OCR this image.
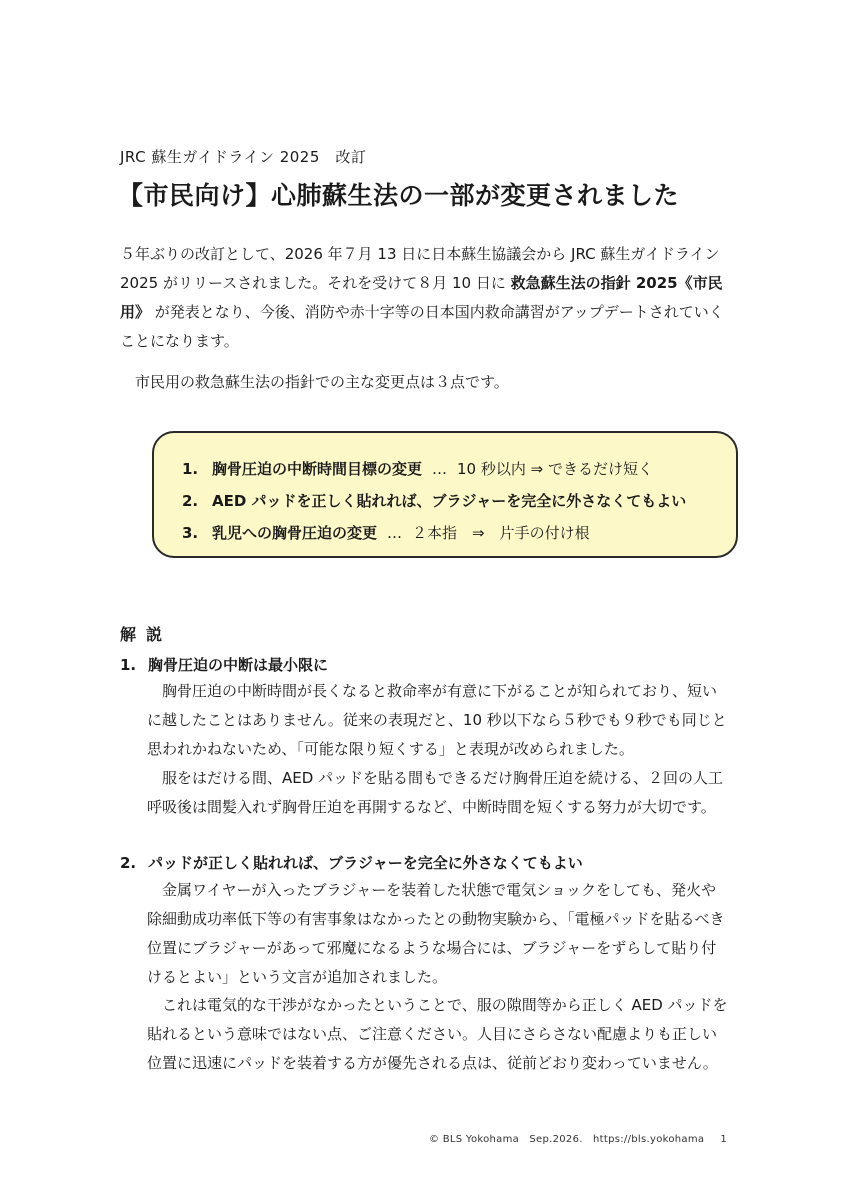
JRC 蘇生ガイドライン 2025　改訂
【市民向け】心肺蘇生法の一部が変更されました

５年ぶりの改訂として、2026 年７月 13 日に日本蘇生協議会から JRC 蘇生ガイドライン 2025 がリリースされました。それを受けて８月 10 日に 救急蘇生法の指針 2025《市民用》 が発表となり、今後、消防や赤十字等の日本国内救命講習がアップデートされていくことになります。

市民用の救急蘇生法の指針での主な変更点は３点です。

1. 胸骨圧迫の中断時間目標の変更 … 10 秒以内 ⇒ できるだけ短く
2. AED パッドを正しく貼れれば、ブラジャーを完全に外さなくてもよい
3. 乳児への胸骨圧迫の変更 … ２本指　⇒　片手の付け根
解説
1. 胸骨圧迫の中断は最小限に

胸骨圧迫の中断時間が長くなると救命率が有意に下がることが知られており、短いに越したことはありません。従来の表現だと、10 秒以下なら５秒でも９秒でも同じと思われかねないため、「可能な限り短くする」と表現が改められました。

服をはだける間、AED パッドを貼る間もできるだけ胸骨圧迫を続ける、２回の人工呼吸後は間髪入れず胸骨圧迫を再開するなど、中断時間を短くする努力が大切です。

2. パッドが正しく貼れれば、ブラジャーを完全に外さなくてもよい

金属ワイヤーが入ったブラジャーを装着した状態で電気ショックをしても、発火や除細動成功率低下等の有害事象はなかったとの動物実験から、「電極パッドを貼るべき位置にブラジャーがあって邪魔になるような場合には、ブラジャーをずらして貼り付けるとよい」という文言が追加されました。

これは電気的な干渉がなかったということで、服の隙間等から正しく AED パッドを貼れるという意味ではない点、ご注意ください。人目にさらさない配慮よりも正しい位置に迅速にパッドを装着する方が優先される点は、従前どおり変わっていません。

© BLS Yokohama　Sep.2026.　https://bls.yokohama 1
